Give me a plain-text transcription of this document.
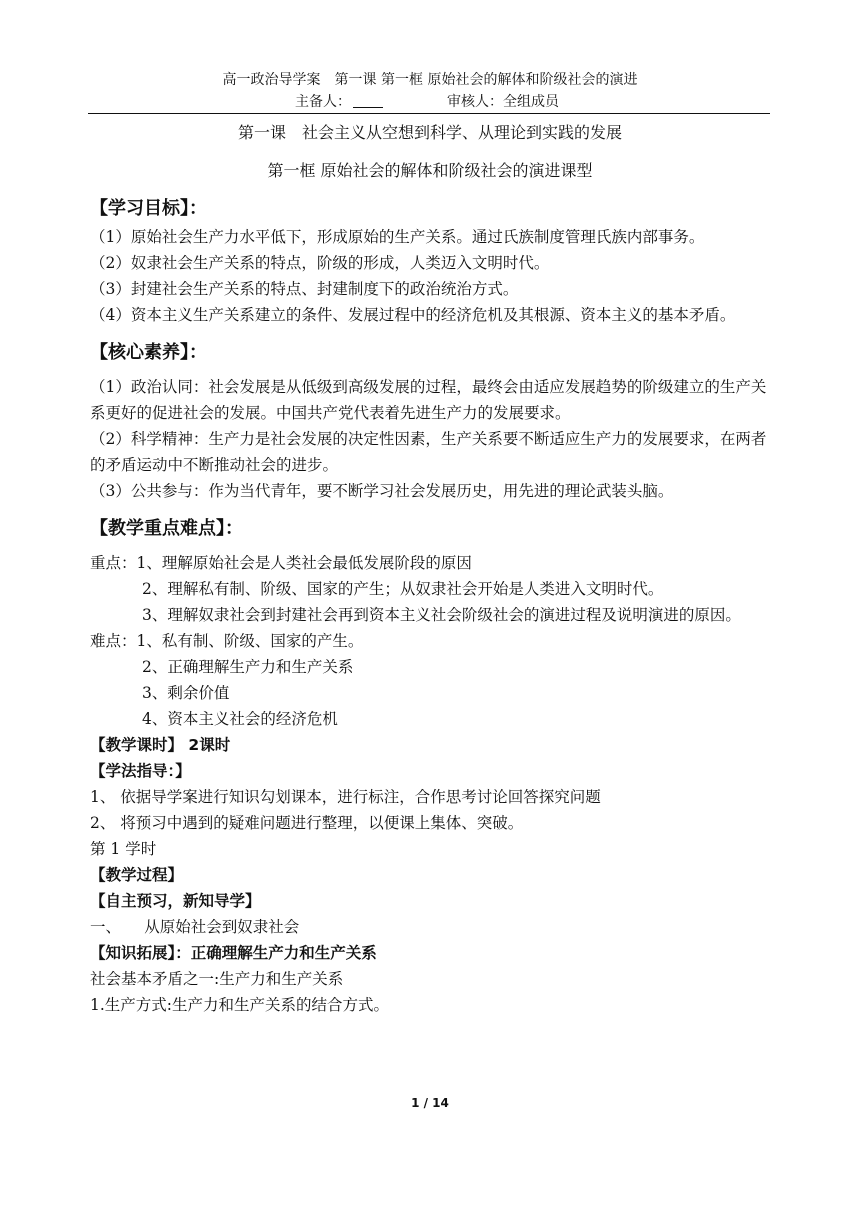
高一政治导学案　第一课 第一框 原始社会的解体和阶级社会的演进
主备人：	审核人：全组成员
第一课　社会主义从空想到科学、从理论到实践的发展
第一框 原始社会的解体和阶级社会的演进课型

【学习目标】：

（1）原始社会生产力水平低下，形成原始的生产关系。通过氏族制度管理氏族内部事务。

（2）奴隶社会生产关系的特点，阶级的形成，人类迈入文明时代。

（3）封建社会生产关系的特点、封建制度下的政治统治方式。

（4）资本主义生产关系建立的条件、发展过程中的经济危机及其根源、资本主义的基本矛盾。

【核心素养】：

（1）政治认同：社会发展是从低级到高级发展的过程，最终会由适应发展趋势的阶级建立的生产关系更好的促进社会的发展。中国共产党代表着先进生产力的发展要求。

（2）科学精神：生产力是社会发展的决定性因素，生产关系要不断适应生产力的发展要求，在两者的矛盾运动中不断推动社会的进步。

（3）公共参与：作为当代青年，要不断学习社会发展历史，用先进的理论武装头脑。

【教学重点难点】：

重点：1、理解原始社会是人类社会最低发展阶段的原因

2、理解私有制、阶级、国家的产生；从奴隶社会开始是人类进入文明时代。

3、理解奴隶社会到封建社会再到资本主义社会阶级社会的演进过程及说明演进的原因。

难点：1、私有制、阶级、国家的产生。

2、正确理解生产力和生产关系

3、剩余价值

4、资本主义社会的经济危机

【教学课时】 2课时

【学法指导：】

1、 依据导学案进行知识勾划课本，进行标注，合作思考讨论回答探究问题

2、 将预习中遇到的疑难问题进行整理，以便课上集体、突破。

第 1 学时

【教学过程】

【自主预习，新知导学】

一、　　从原始社会到奴隶社会

【知识拓展】：正确理解生产力和生产关系

社会基本矛盾之一:生产力和生产关系

1.生产方式:生产力和生产关系的结合方式。

1 / 14
